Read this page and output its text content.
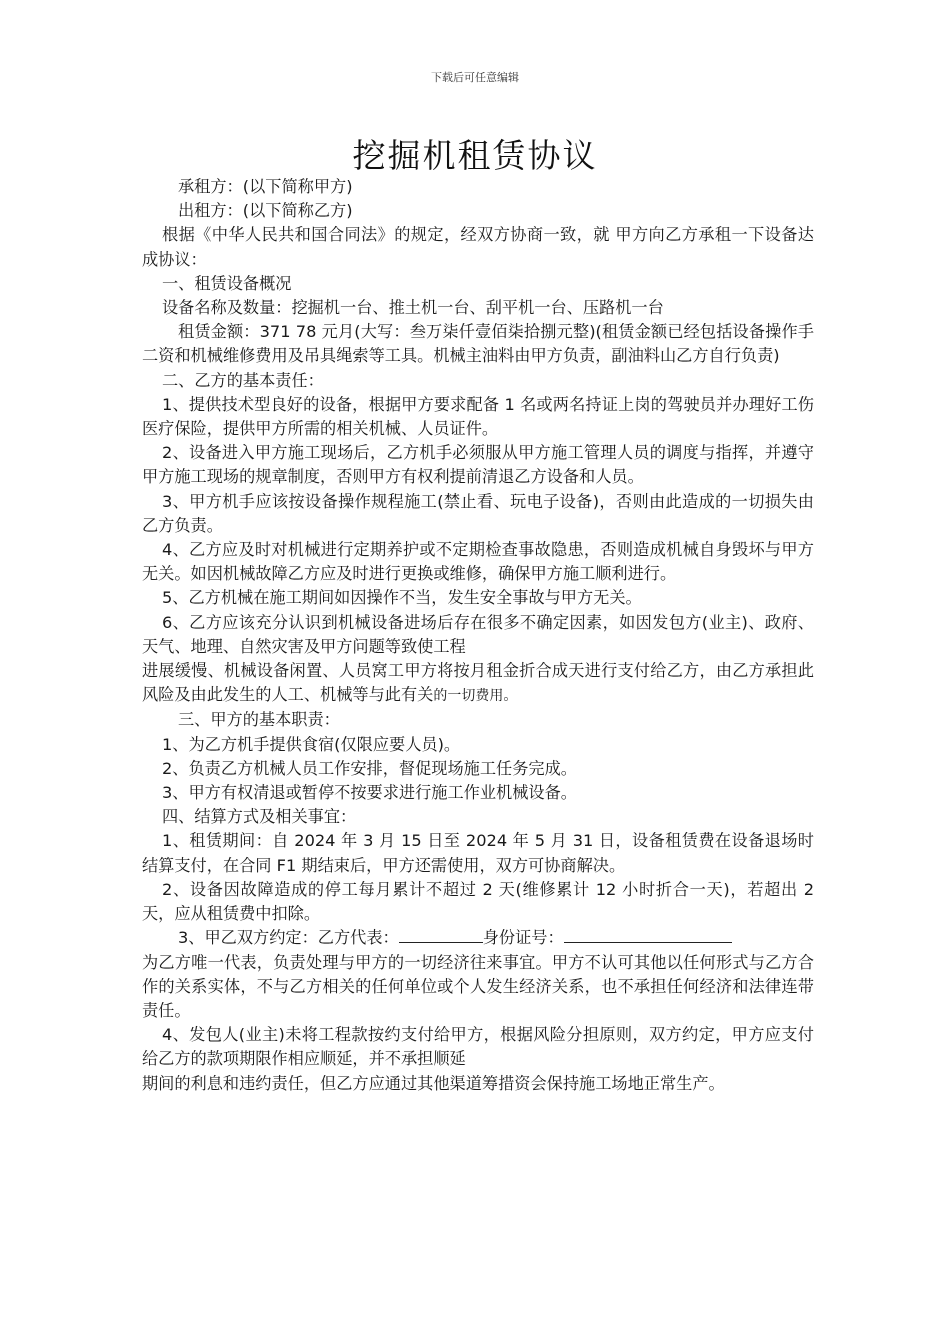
下载后可任意编辑
挖掘机租赁协议

承租方：(以下简称甲方)

出租方：(以下简称乙方)

根据《中华人民共和国合同法》的规定，经双方协商一致，就 甲方向乙方承租一下设备达成协议：

一、租赁设备概况

设备名称及数量：挖掘机一台、推土机一台、刮平机一台、压路机一台

租赁金额：371 78 元月(大写：叁万柒仟壹佰柒拾捌元整)(租赁金额已经包括设备操作手二资和机械维修费用及吊具绳索等工具。机械主油料由甲方负责，副油料山乙方自行负责)

二、乙方的基本责任：

1、提供技术型良好的设备，根据甲方要求配备 1 名或两名持证上岗的驾驶员并办理好工伤医疗保险，提供甲方所需的相关机械、人员证件。

2、设备进入甲方施工现场后，乙方机手必须服从甲方施工管理人员的调度与指挥，并遵守甲方施工现场的规章制度，否则甲方有权利提前清退乙方设备和人员。

3、甲方机手应该按设备操作规程施工(禁止看、玩电子设备)，否则由此造成的一切损失由乙方负责。

4、乙方应及时对机械进行定期养护或不定期检查事故隐患，否则造成机械自身毁坏与甲方无关。如因机械故障乙方应及时进行更换或维修，确保甲方施工顺利进行。

5、乙方机械在施工期间如因操作不当，发生安全事故与甲方无关。

6、乙方应该充分认识到机械设备进场后存在很多不确定因素，如因发包方(业主)、政府、天气、地理、自然灾害及甲方问题等致使工程

进展缓慢、机械设备闲置、人员窝工甲方将按月租金折合成天进行支付给乙方，由乙方承担此风险及由此发生的人工、机械等与此有关的一切费用。

三、甲方的基本职责：

1、为乙方机手提供食宿(仅限应要人员)。

2、负责乙方机械人员工作安排，督促现场施工任务完成。

3、甲方有权清退或暂停不按要求进行施工作业机械设备。

四、结算方式及相关事宜：

1、租赁期间：自 2024 年 3 月 15 日至 2024 年 5 月 31 日，设备租赁费在设备退场时结算支付，在合同 F1 期结束后，甲方还需使用，双方可协商解决。

2、设备因故障造成的停工每月累计不超过 2 天(维修累计 12 小时折合一天)，若超出 2 天，应从租赁费中扣除。

3、甲乙双方约定：乙方代表：	身份证号：

为乙方唯一代表，负责处理与甲方的一切经济往来事宜。甲方不认可其他以任何形式与乙方合作的关系实体，不与乙方相关的任何单位或个人发生经济关系，也不承担任何经济和法律连带责任。

4、发包人(业主)未将工程款按约支付给甲方，根据风险分担原则，双方约定，甲方应支付给乙方的款项期限作相应顺延，并不承担顺延

期间的利息和违约责任，但乙方应通过其他渠道筹措资会保持施工场地正常生产。
